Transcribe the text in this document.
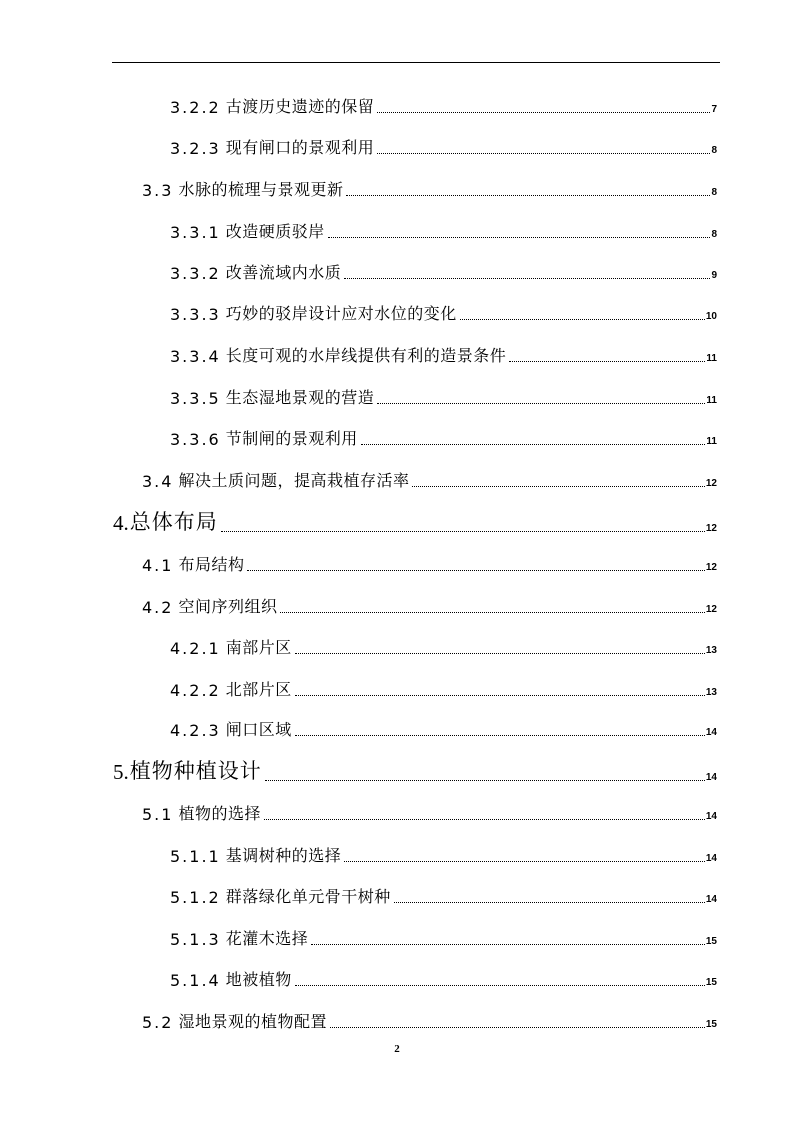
3.2.2 古渡历史遗迹的保留	7
3.2.3 现有闸口的景观利用	8
3.3 水脉的梳理与景观更新	8
3.3.1 改造硬质驳岸	8
3.3.2 改善流域内水质	9
3.3.3 巧妙的驳岸设计应对水位的变化	10
3.3.4 长度可观的水岸线提供有利的造景条件	11
3.3.5 生态湿地景观的营造	11
3.3.6 节制闸的景观利用	11
3.4 解决土质问题，提高栽植存活率	12
4. 总体布局	12
4.1 布局结构	12
4.2 空间序列组织	12
4.2.1 南部片区	13
4.2.2 北部片区	13
4.2.3 闸口区域	14
5. 植物种植设计	14
5.1 植物的选择	14
5.1.1 基调树种的选择	14
5.1.2 群落绿化单元骨干树种	14
5.1.3 花灌木选择	15
5.1.4 地被植物	15
5.2 湿地景观的植物配置	15
2
